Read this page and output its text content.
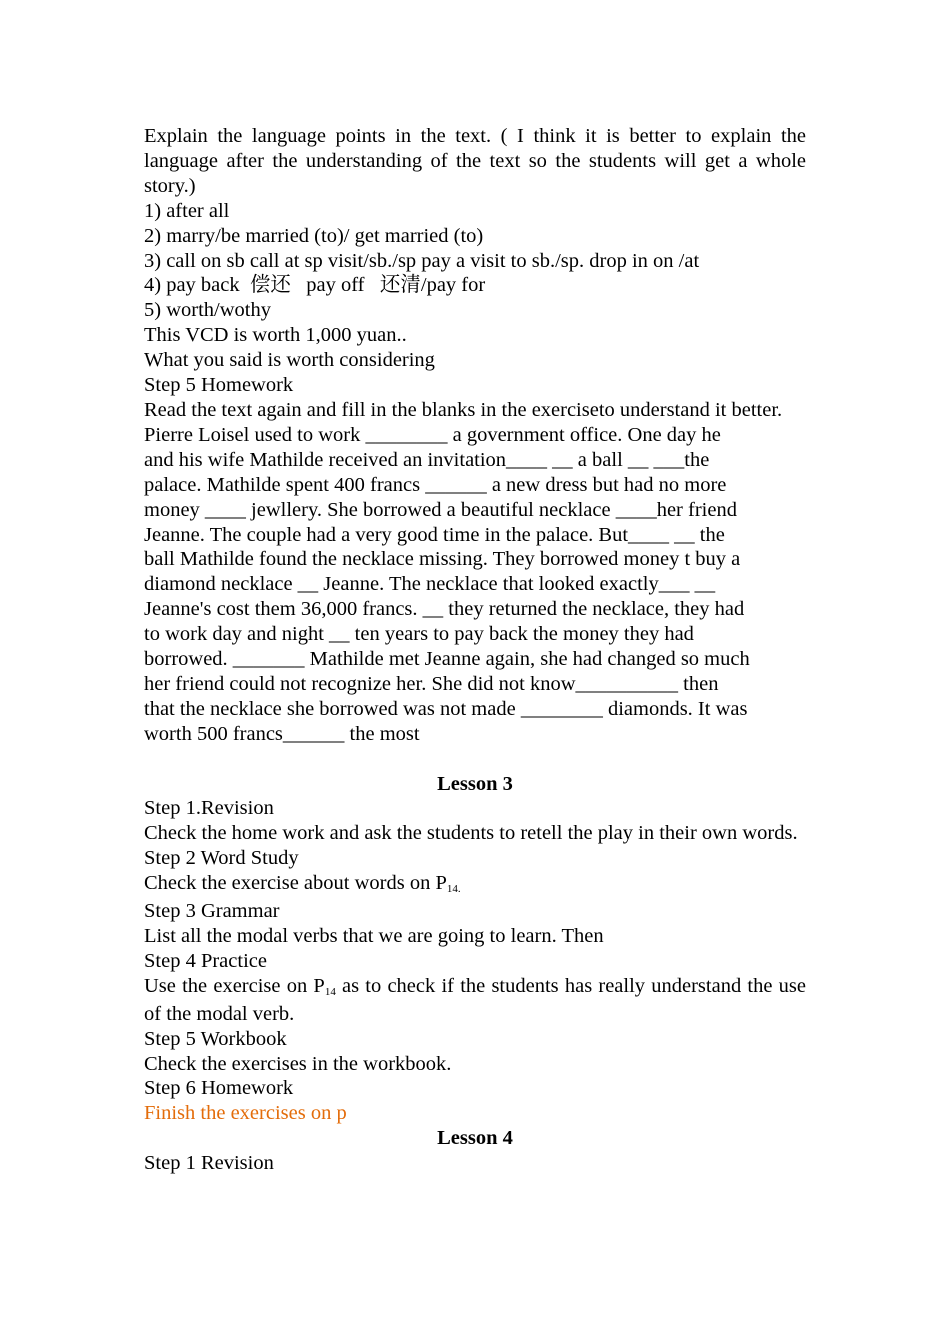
Explain the language points in the text. ( I think it is better to explain the language after the understanding of the text so the students will get a whole story.)
1) after all
2) marry/be married (to)/ get married (to)
3) call on sb call at sp visit/sb./sp pay a visit to sb./sp. drop in on /at
4) pay back  偿还   pay off   还清/pay for
5) worth/wothy
This VCD is worth 1,000 yuan..
What you said is worth considering
Step 5 Homework
Read the text again and fill in the blanks in the exerciseto understand it better.
Pierre Loisel used to work ________ a government office. One day he
and his wife Mathilde received an invitation____ __ a ball __ ___the
palace. Mathilde spent 400 francs ______ a new dress but had no more
money ____ jewllery. She borrowed a beautiful necklace ____her friend
Jeanne. The couple had a very good time in the palace. But____ __ the
ball Mathilde found the necklace missing. They borrowed money t buy a
diamond necklace __ Jeanne. The necklace that looked exactly___ __
Jeanne's cost them 36,000 francs. __ they returned the necklace, they had
to work day and night __ ten years to pay back the money they had
borrowed. _______ Mathilde met Jeanne again, she had changed so much
her friend could not recognize her. She did not know__________ then
that the necklace she borrowed was not made ________ diamonds. It was
worth 500 francs______ the most
Lesson 3
Step 1.Revision
Check the home work and ask the students to retell the play in their own words.
Step 2 Word Study
Check the exercise about words on P14.
Step 3 Grammar
List all the modal verbs that we are going to learn. Then
Step 4 Practice
Use the exercise on P14 as to check if the students has really understand the use of the modal verb.
Step 5 Workbook
Check the exercises in the workbook.
Step 6 Homework
Finish the exercises on p
Lesson 4
Step 1 Revision
